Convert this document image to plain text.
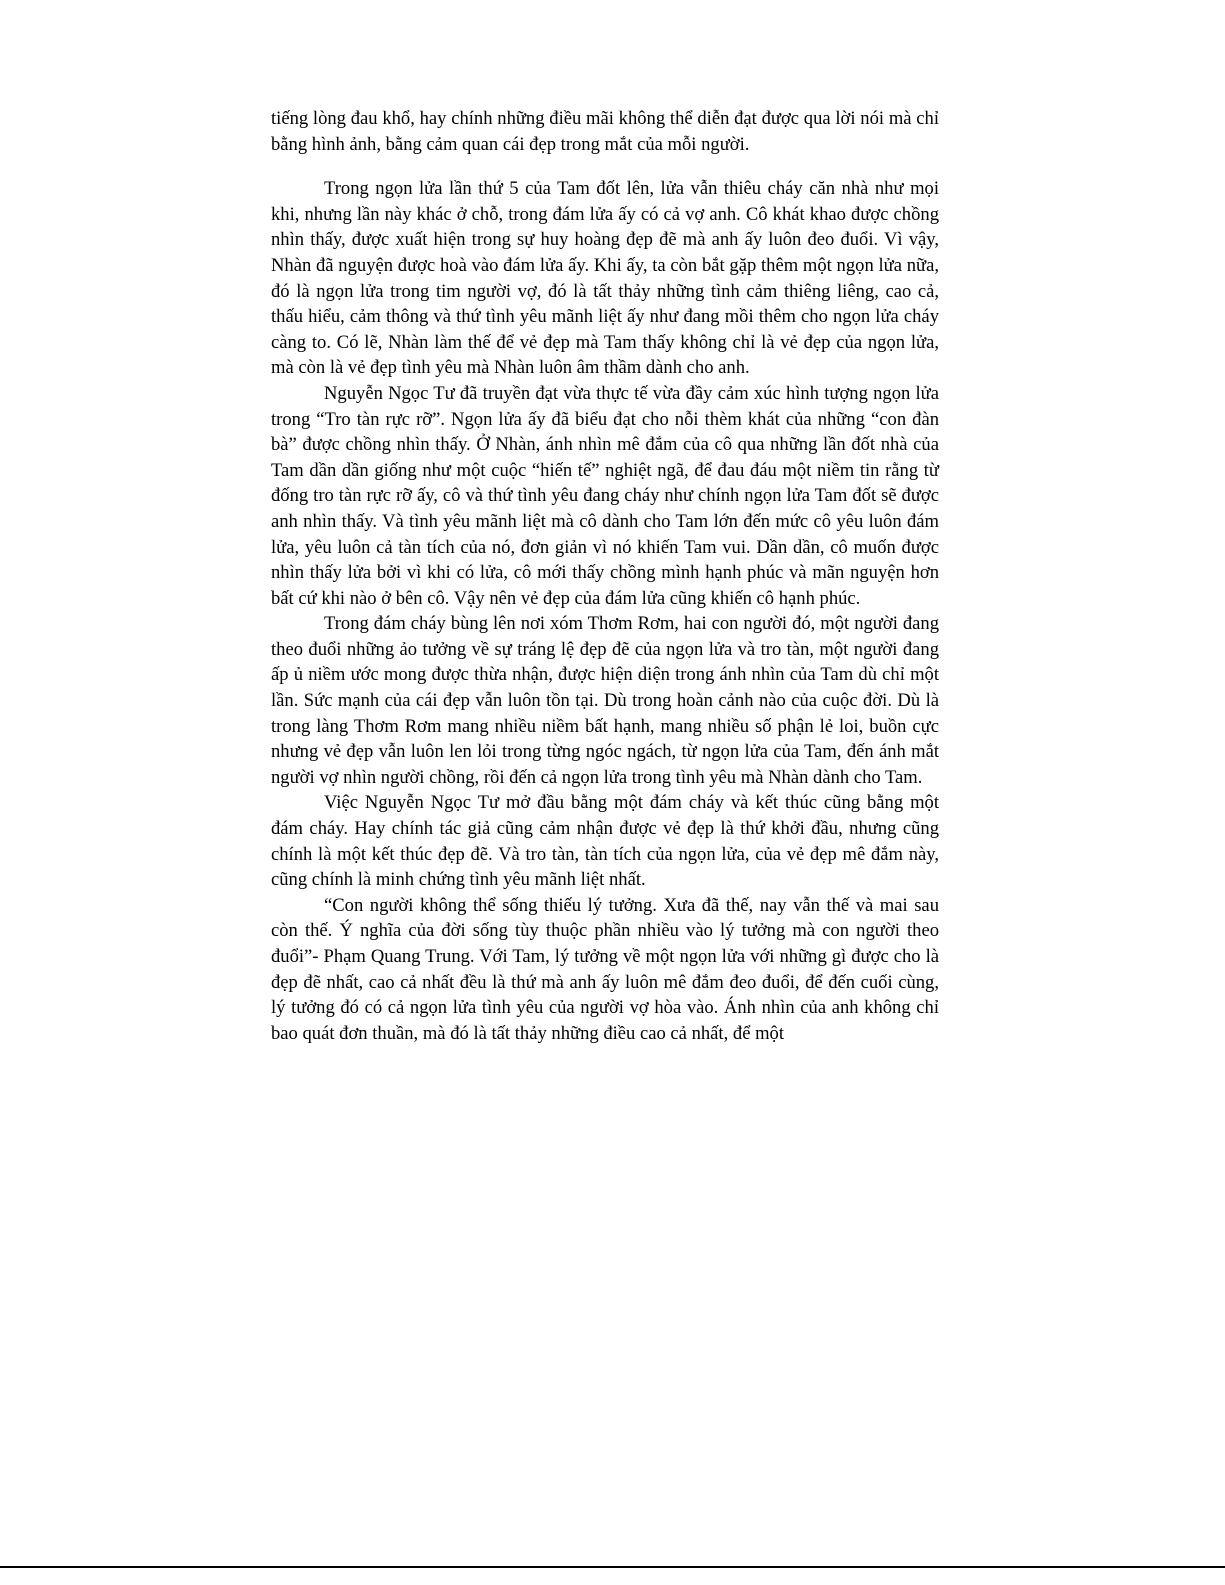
tiếng lòng đau khổ, hay chính những điều mãi không thể diễn đạt được qua lời nói mà chỉ bằng hình ảnh, bằng cảm quan cái đẹp trong mắt của mỗi người.

Trong ngọn lửa lần thứ 5 của Tam đốt lên, lửa vẫn thiêu cháy căn nhà như mọi khi, nhưng lần này khác ở chỗ, trong đám lửa ấy có cả vợ anh. Cô khát khao được chồng nhìn thấy, được xuất hiện trong sự huy hoàng đẹp đẽ mà anh ấy luôn đeo đuổi. Vì vậy, Nhàn đã nguyện được hoà vào đám lửa ấy. Khi ấy, ta còn bắt gặp thêm một ngọn lửa nữa, đó là ngọn lửa trong tim người vợ, đó là tất thảy những tình cảm thiêng liêng, cao cả, thấu hiểu, cảm thông và thứ tình yêu mãnh liệt ấy như đang mồi thêm cho ngọn lửa cháy càng to. Có lẽ, Nhàn làm thế để vẻ đẹp mà Tam thấy không chỉ là vẻ đẹp của ngọn lửa, mà còn là vẻ đẹp tình yêu mà Nhàn luôn âm thầm dành cho anh.

Nguyễn Ngọc Tư đã truyền đạt vừa thực tế vừa đầy cảm xúc hình tượng ngọn lửa trong “Tro tàn rực rỡ”. Ngọn lửa ấy đã biểu đạt cho nỗi thèm khát của những “con đàn bà” được chồng nhìn thấy. Ở Nhàn, ánh nhìn mê đắm của cô qua những lần đốt nhà của Tam dần dần giống như một cuộc “hiến tế” nghiệt ngã, để đau đáu một niềm tin rằng từ đống tro tàn rực rỡ ấy, cô và thứ tình yêu đang cháy như chính ngọn lửa Tam đốt sẽ được anh nhìn thấy. Và tình yêu mãnh liệt mà cô dành cho Tam lớn đến mức cô yêu luôn đám lửa, yêu luôn cả tàn tích của nó, đơn giản vì nó khiến Tam vui. Dần dần, cô muốn được nhìn thấy lửa bởi vì khi có lửa, cô mới thấy chồng mình hạnh phúc và mãn nguyện hơn bất cứ khi nào ở bên cô. Vậy nên vẻ đẹp của đám lửa cũng khiến cô hạnh phúc.

Trong đám cháy bùng lên nơi xóm Thơm Rơm, hai con người đó, một người đang theo đuổi những ảo tưởng về sự tráng lệ đẹp đẽ của ngọn lửa và tro tàn, một người đang ấp ủ niềm ước mong được thừa nhận, được hiện diện trong ánh nhìn của Tam dù chỉ một lần. Sức mạnh của cái đẹp vẫn luôn tồn tại. Dù trong hoàn cảnh nào của cuộc đời. Dù là trong làng Thơm Rơm mang nhiều niềm bất hạnh, mang nhiều số phận lẻ loi, buồn cực nhưng vẻ đẹp vẫn luôn len lỏi trong từng ngóc ngách, từ ngọn lửa của Tam, đến ánh mắt người vợ nhìn người chồng, rồi đến cả ngọn lửa trong tình yêu mà Nhàn dành cho Tam.

Việc Nguyễn Ngọc Tư mở đầu bằng một đám cháy và kết thúc cũng bằng một đám cháy. Hay chính tác giả cũng cảm nhận được vẻ đẹp là thứ khởi đầu, nhưng cũng chính là một kết thúc đẹp đẽ. Và tro tàn, tàn tích của ngọn lửa, của vẻ đẹp mê đắm này, cũng chính là minh chứng tình yêu mãnh liệt nhất.

“Con người không thể sống thiếu lý tưởng. Xưa đã thế, nay vẫn thế và mai sau còn thế. Ý nghĩa của đời sống tùy thuộc phần nhiều vào lý tưởng mà con người theo đuổi”- Phạm Quang Trung. Với Tam, lý tưởng về một ngọn lửa với những gì được cho là đẹp đẽ nhất, cao cả nhất đều là thứ mà anh ấy luôn mê đắm đeo đuổi, để đến cuối cùng, lý tưởng đó có cả ngọn lửa tình yêu của người vợ hòa vào. Ánh nhìn của anh không chỉ bao quát đơn thuần, mà đó là tất thảy những điều cao cả nhất, để một
